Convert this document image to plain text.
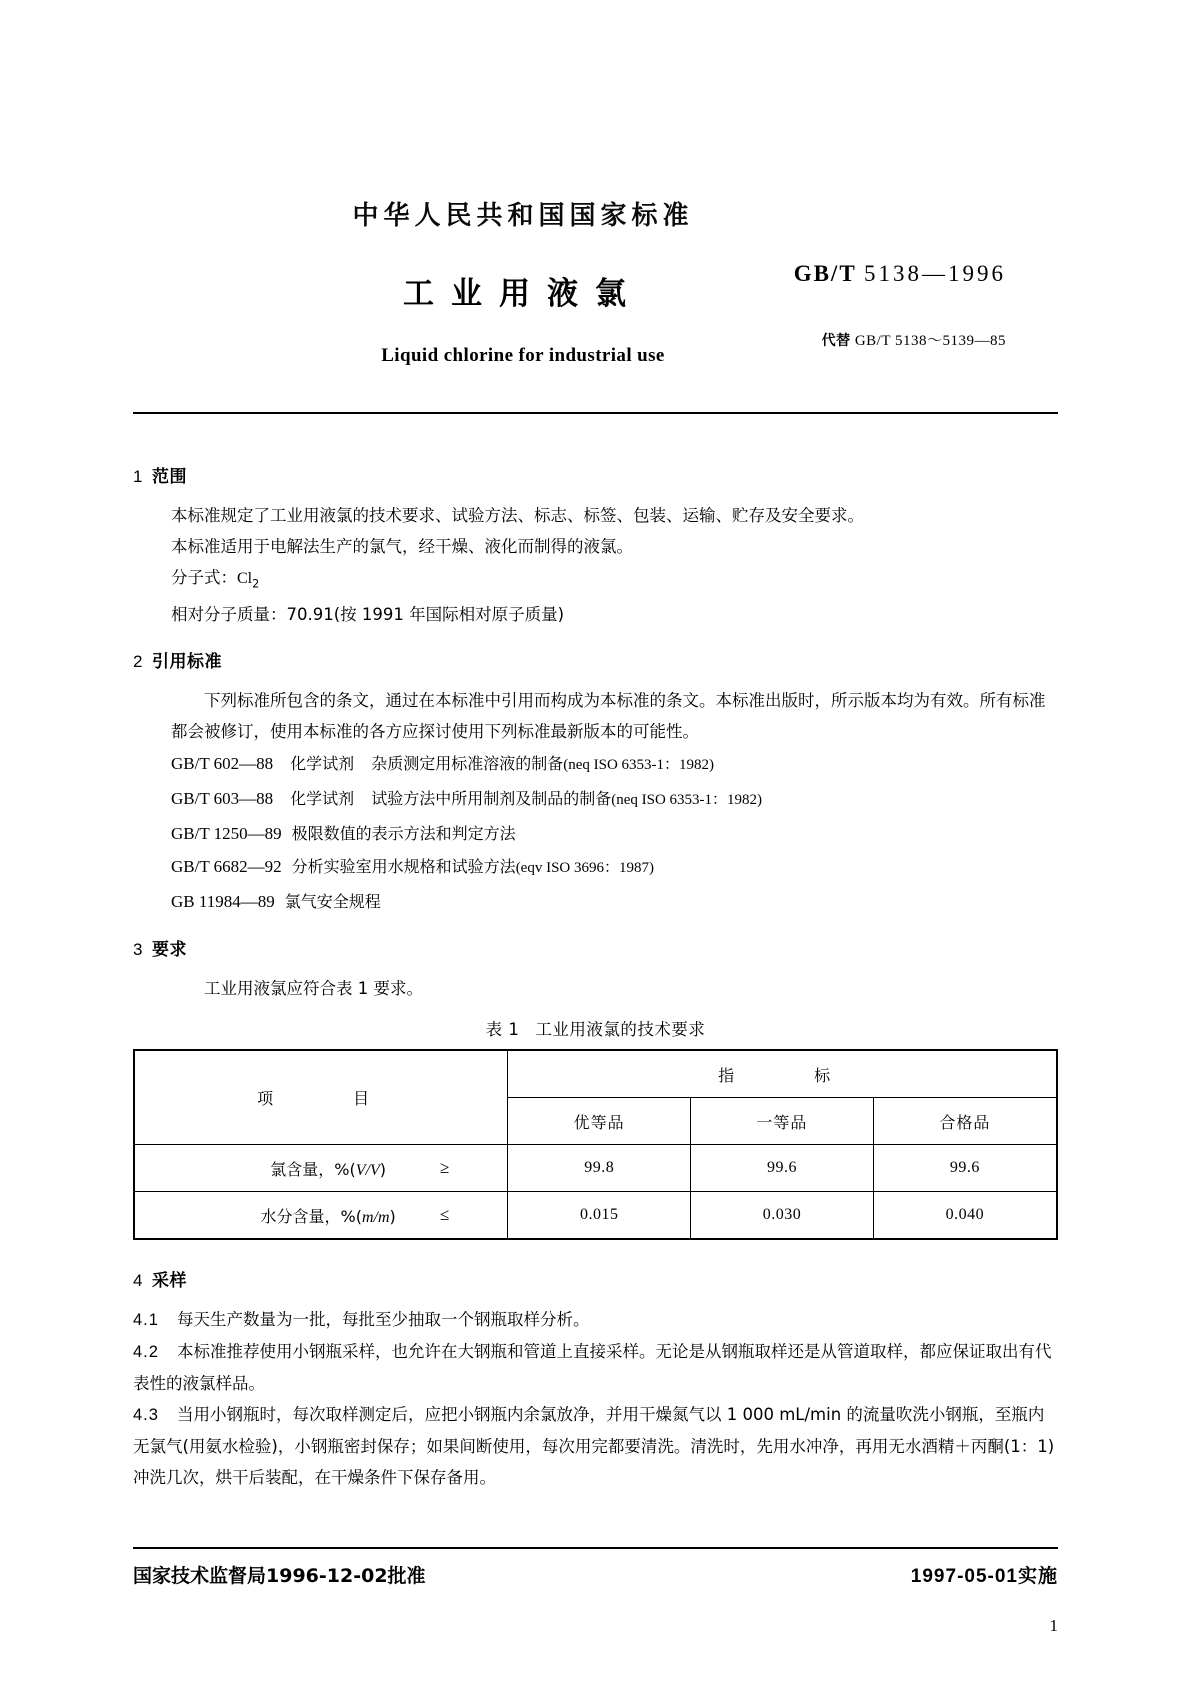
中华人民共和国国家标准
GB/T 5138—1996
工业用液氯
代替 GB/T 5138～5139—85
Liquid chlorine for industrial use
1 范围

本标准规定了工业用液氯的技术要求、试验方法、标志、标签、包装、运输、贮存及安全要求。

本标准适用于电解法生产的氯气，经干燥、液化而制得的液氯。

分子式：$Cl_2$

相对分子质量：70.91(按 1991 年国际相对原子质量)

2 引用标准

下列标准所包含的条文，通过在本标准中引用而构成为本标准的条文。本标准出版时，所示版本均为有效。所有标准都会被修订，使用本标准的各方应探讨使用下列标准最新版本的可能性。

GB/T 602—88 化学试剂 杂质测定用标准溶液的制备(neq ISO 6353-1：1982)
GB/T 603—88 化学试剂 试验方法中所用制剂及制品的制备(neq ISO 6353-1：1982)
GB/T 1250—89 极限数值的表示方法和判定方法
GB/T 6682—92 分析实验室用水规格和试验方法(eqv ISO 3696：1987)
GB 11984—89 氯气安全规程
3 要求

工业用液氯应符合表 1 要求。

表 1 工业用液氯的技术要求
项　　目	指　　标		
	优等品	一等品	合格品
氯含量，%(V/V) ≥	99.8	99.6	99.6
水分含量，%(m/m) ≤	0.015	0.030	0.040
4 采样

4.1 每天生产数量为一批，每批至少抽取一个钢瓶取样分析。

4.2 本标准推荐使用小钢瓶采样，也允许在大钢瓶和管道上直接采样。无论是从钢瓶取样还是从管道取样，都应保证取出有代表性的液氯样品。

4.3 当用小钢瓶时，每次取样测定后，应把小钢瓶内余氯放净，并用干燥氮气以 1 000 mL/min 的流量吹洗小钢瓶，至瓶内无氯气(用氨水检验)，小钢瓶密封保存；如果间断使用，每次用完都要清洗。清洗时，先用水冲净，再用无水酒精＋丙酮(1：1)冲洗几次，烘干后装配，在干燥条件下保存备用。

国家技术监督局1996-12-02批准	1997-05-01实施
1
